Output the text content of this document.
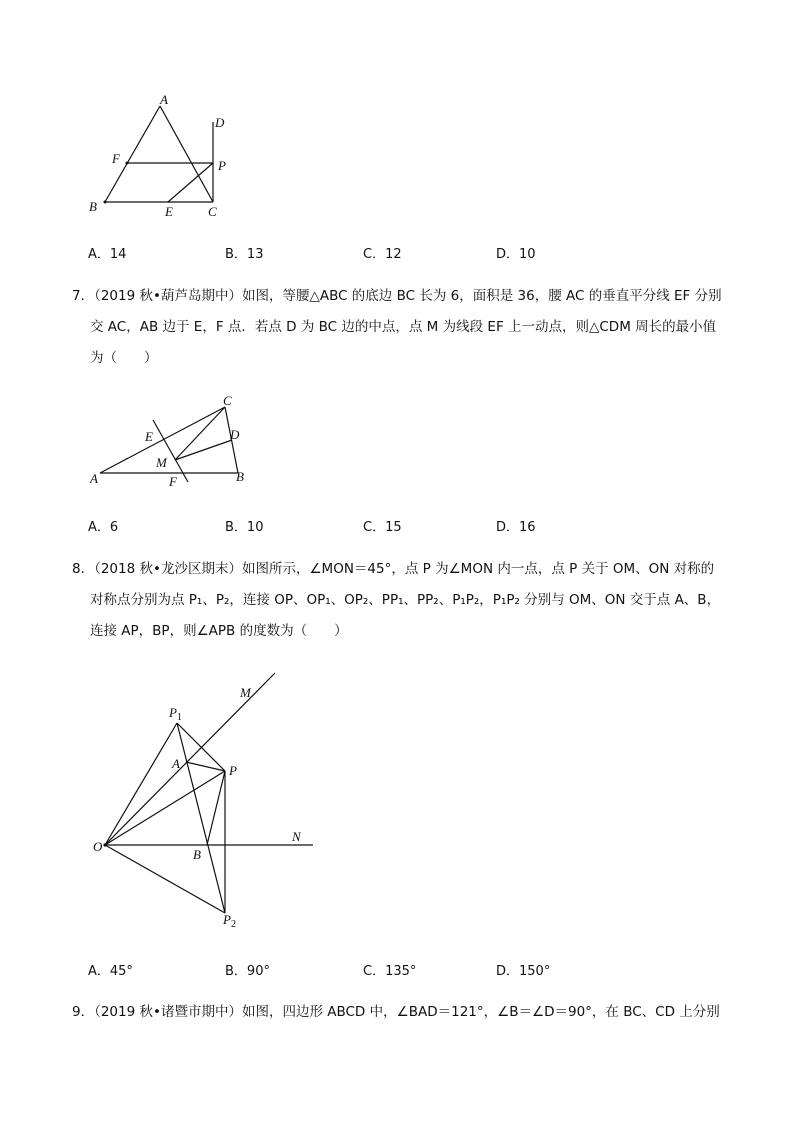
A
D
F	P
B	E	C
A．14	B．13	C．12	D．10
7．（2019 秋•葫芦岛期中）如图，等腰△ABC 的底边 BC 长为 6，面积是 36，腰 AC 的垂直平分线 EF 分别
交 AC，AB 边于 E，F 点．若点 D 为 BC 边的中点，点 M 为线段 EF 上一动点，则△CDM 周长的最小值
为（　　）
C
E	D
M
A	F	B
A．6	B．10	C．15	D．16
8．（2018 秋•龙沙区期末）如图所示，∠MON＝45°，点 P 为∠MON 内一点，点 P 关于 OM、ON 对称的
对称点分别为点 P₁、P₂，连接 OP、OP₁、OP₂、PP₁、PP₂、P₁P₂，P₁P₂ 分别与 OM、ON 交于点 A、B，
连接 AP，BP，则∠APB 的度数为（　　）
M
$P_1$
A	P
O
B
N
$P_2$
A．45°	B．90°	C．135°	D．150°
9．（2019 秋•诸暨市期中）如图，四边形 ABCD 中，∠BAD＝121°，∠B＝∠D＝90°，在 BC、CD 上分别
